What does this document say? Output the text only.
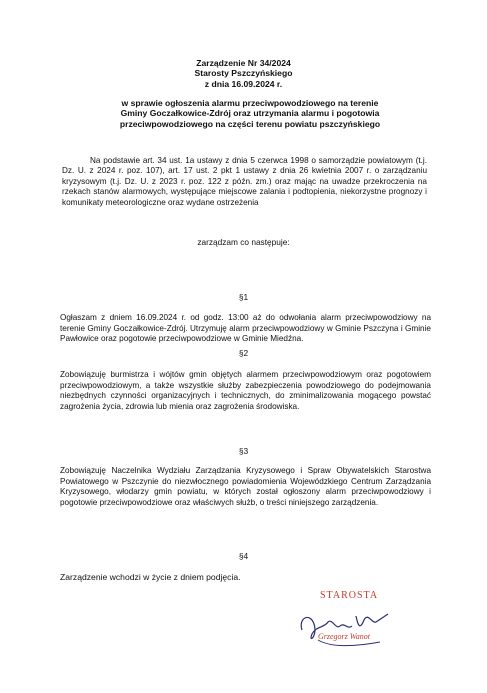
Zarządzenie Nr 34/2024
Starosty Pszczyńskiego
z dnia 16.09.2024 r.
w sprawie ogłoszenia alarmu przeciwpowodziowego na terenie
Gminy Goczałkowice-Zdrój oraz utrzymania alarmu i pogotowia
przeciwpowodziowego na części terenu powiatu pszczyńskiego
Na podstawie art. 34 ust. 1a ustawy z dnia 5 czerwca 1998 o samorządzie powiatowym (t.j. Dz. U. z 2024 r. poz. 107), art. 17 ust. 2 pkt 1 ustawy z dnia 26 kwietnia 2007 r. o zarządzaniu kryzysowym (t.j. Dz. U. z 2023 r. poz. 122 z późn. zm.) oraz mając na uwadze przekroczenia na rzekach stanów alarmowych, występujące miejscowe zalania i podtopienia, niekorzystne prognozy i komunikaty meteorologiczne oraz wydane ostrzeżenia
zarządzam co następuje:
§1
Ogłaszam z dniem 16.09.2024 r. od godz. 13:00 aż do odwołania alarm przeciwpowodziowy na terenie Gminy Goczałkowice-Zdrój. Utrzymuję alarm przeciwpowodziowy w Gminie Pszczyna i Gminie Pawłowice oraz pogotowie przeciwpowodziowe w Gminie Miedźna.
§2
Zobowiązuję burmistrza i wójtów gmin objętych alarmem przeciwpowodziowym oraz pogotowiem przeciwpowodziowym, a także wszystkie służby zabezpieczenia powodziowego do podejmowania niezbędnych czynności organizacyjnych i technicznych, do zminimalizowania mogącego powstać zagrożenia życia, zdrowia lub mienia oraz zagrożenia środowiska.
§3
Zobowiązuję Naczelnika Wydziału Zarządzania Kryzysowego i Spraw Obywatelskich Starostwa Powiatowego w Pszczynie do niezwłocznego powiadomienia Wojewódzkiego Centrum Zarządzania Kryzysowego, włodarzy gmin powiatu, w których został ogłoszony alarm przeciwpowodziowy i pogotowie przeciwpowodziowe oraz właściwych służb, o treści niniejszego zarządzenia.
§4
Zarządzenie wchodzi w życie z dniem podjęcia.
STAROSTA
Grzegorz Wanot
